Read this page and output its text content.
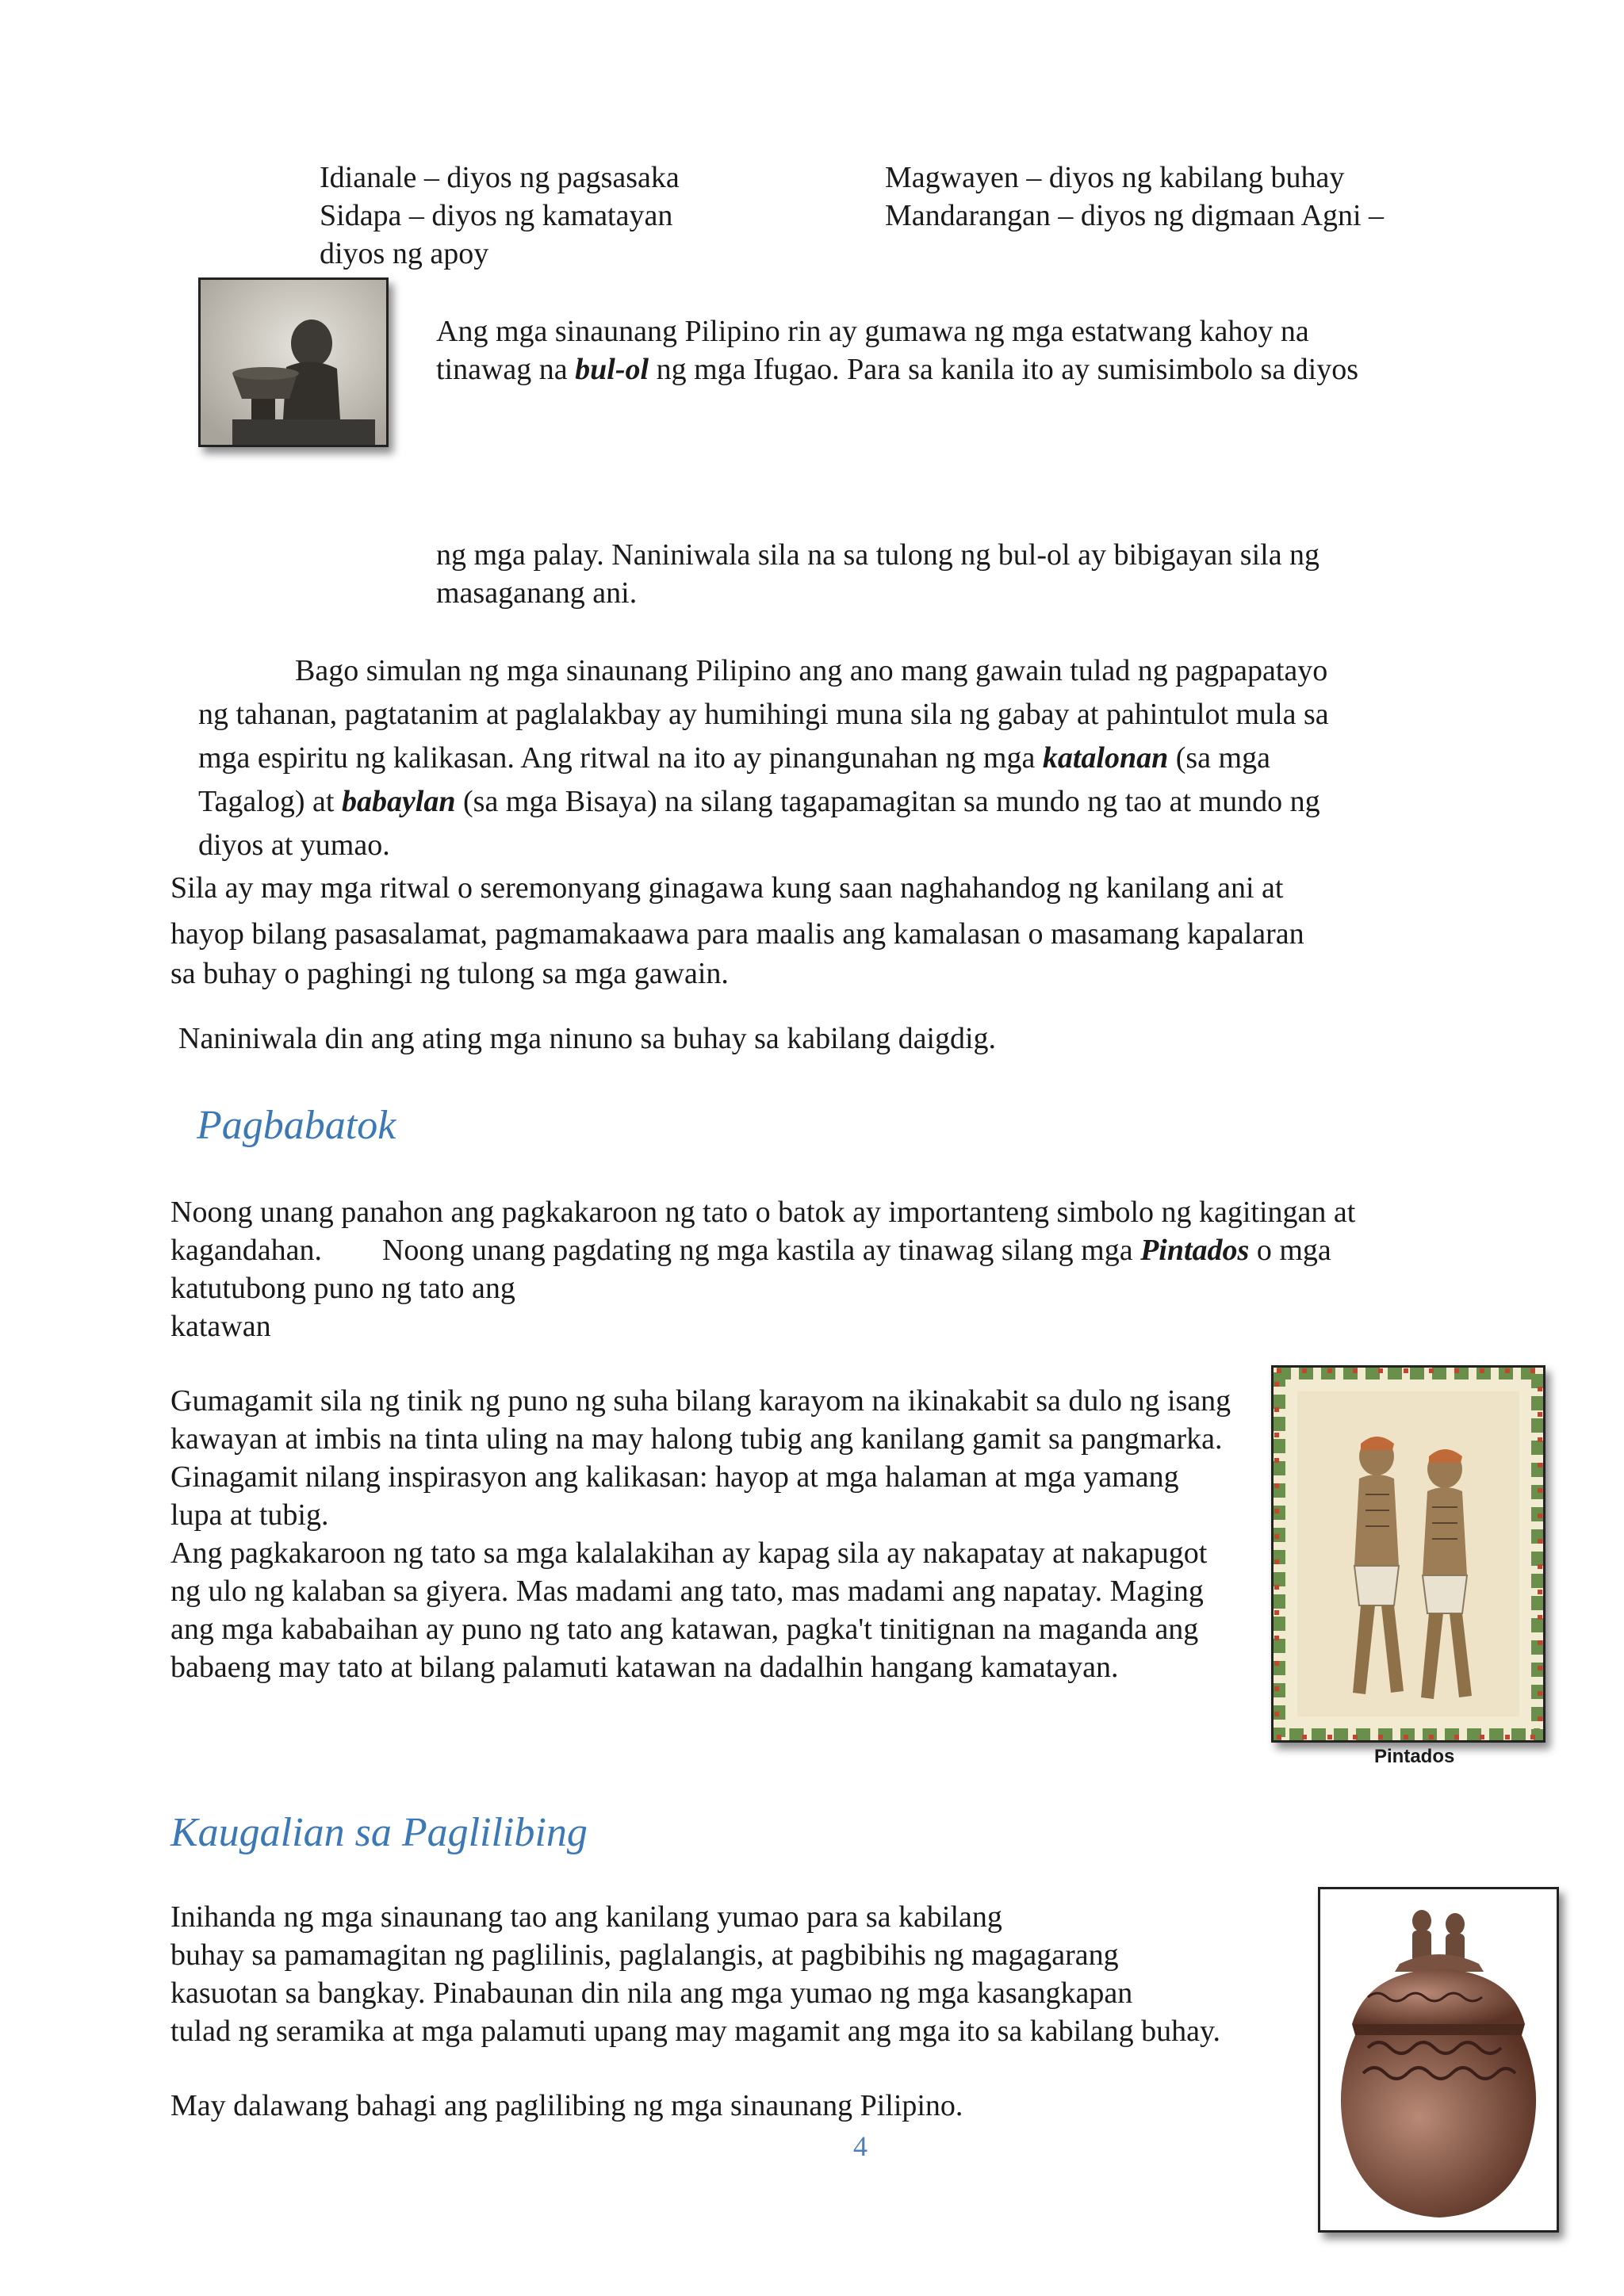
Idianale – diyos ng pagsasaka
Sidapa – diyos ng kamatayan
diyos ng apoy
Magwayen – diyos ng kabilang buhay
Mandarangan – diyos ng digmaan Agni –
Ang mga sinaunang Pilipino rin ay gumawa ng mga estatwang kahoy na
tinawag na bul-ol ng mga Ifugao. Para sa kanila ito ay sumisimbolo sa diyos
ng mga palay. Naniniwala sila na sa tulong ng bul-ol ay bibigayan sila ng
masaganang ani.
Bago simulan ng mga sinaunang Pilipino ang ano mang gawain tulad ng pagpapatayo
ng tahanan, pagtatanim at paglalakbay ay humihingi muna sila ng gabay at pahintulot mula sa
mga espiritu ng kalikasan. Ang ritwal na ito ay pinangunahan ng mga katalonan (sa mga
Tagalog) at babaylan (sa mga Bisaya) na silang tagapamagitan sa mundo ng tao at mundo ng
diyos at yumao.
Sila ay may mga ritwal o seremonyang ginagawa kung saan naghahandog ng kanilang ani at
hayop bilang pasasalamat, pagmamakaawa para maalis ang kamalasan o masamang kapalaran
sa buhay o paghingi ng tulong sa mga gawain.
Naniniwala din ang ating mga ninuno sa buhay sa kabilang daigdig.
Pagbabatok
Noong unang panahon ang pagkakaroon ng tato o batok ay importanteng simbolo ng kagitingan at
kagandahan.        Noong unang pagdating ng mga kastila ay tinawag silang mga Pintados o mga
katutubong puno ng tato ang
katawan
Gumagamit sila ng tinik ng puno ng suha bilang karayom na ikinakabit sa dulo ng isang kawayan at imbis na tinta uling na may halong tubig ang kanilang gamit sa pangmarka. Ginagamit nilang inspirasyon ang kalikasan: hayop at mga halaman at mga yamang lupa at tubig.
Ang pagkakaroon ng tato sa mga kalalakihan ay kapag sila ay nakapatay at nakapugot ng ulo ng kalaban sa giyera. Mas madami ang tato, mas madami ang napatay. Maging ang mga kababaihan ay puno ng tato ang katawan, pagka't tinitignan na maganda ang babaeng may tato at bilang palamuti katawan na dadalhin hangang kamatayan.
Pintados
Kaugalian sa Paglilibing
Inihanda ng mga sinaunang tao ang kanilang yumao para sa kabilang
buhay sa pamamagitan ng paglilinis, paglalangis, at pagbibihis ng magagarang
kasuotan sa bangkay. Pinabaunan din nila ang mga yumao ng mga kasangkapan
tulad ng seramika at mga palamuti upang may magamit ang mga ito sa kabilang buhay.
May dalawang bahagi ang paglilibing ng mga sinaunang Pilipino.
4
